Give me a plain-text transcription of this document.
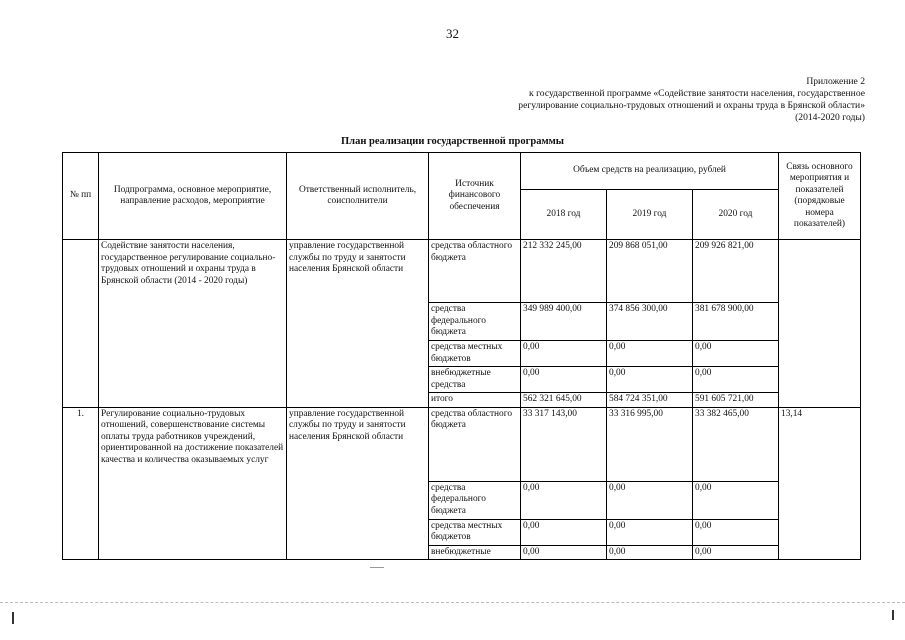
32
Приложение 2
к государственной программе «Содействие занятости населения, государственное
регулирование социально-трудовых отношений и охраны труда в Брянской области»
(2014-2020 годы)
План реализации государственной программы
№ пп	Подпрограмма, основное мероприятие, направление расходов, мероприятие	Ответственный исполнитель, соисполнители	Источник финансового обеспечения	Объем средств на реализацию, рублей			Связь основного мероприятия и показателей (порядковые номера показателей)
				2018 год	2019 год	2020 год	
	Содействие занятости населения, государственное регулирование социально-трудовых отношений и охраны труда в Брянской области (2014 - 2020 годы)	управление государственной службы по труду и занятости населения Брянской области	средства областного бюджета	212 332 245,00	209 868 051,00	209 926 821,00	
			средства федерального бюджета	349 989 400,00	374 856 300,00	381 678 900,00	
			средства местных бюджетов	0,00	0,00	0,00	
			внебюджетные средства	0,00	0,00	0,00	
			итого	562 321 645,00	584 724 351,00	591 605 721,00	
1.	Регулирование социально-трудовых отношений, совершенствование системы оплаты труда работников учреждений, ориентированной на достижение показателей качества и количества оказываемых услуг	управление государственной службы по труду и занятости населения Брянской области	средства областного бюджета	33 317 143,00	33 316 995,00	33 382 465,00	13,14
			средства федерального бюджета	0,00	0,00	0,00	
			средства местных бюджетов	0,00	0,00	0,00	
			внебюджетные	0,00	0,00	0,00	
